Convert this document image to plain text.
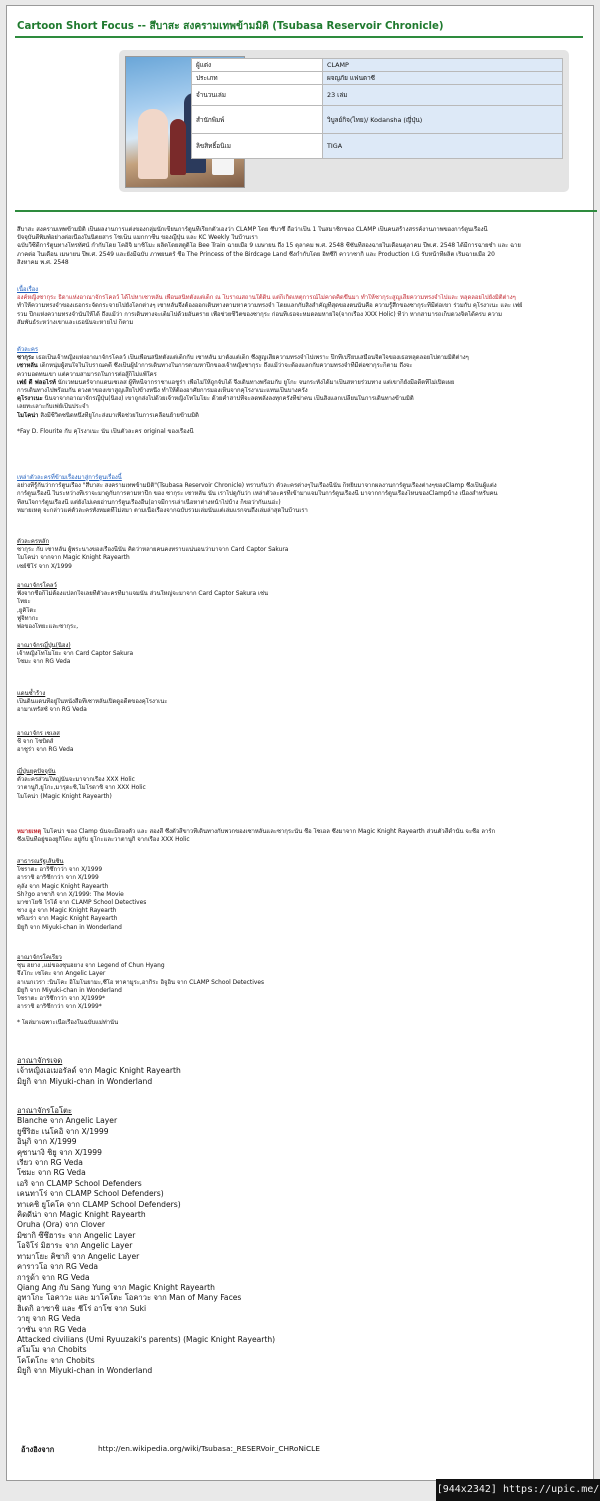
Cartoon Short Focus -- สึบาสะ สงครามเทพข้ามมิติ (Tsubasa Reservoir Chronicle)
ผู้แต่ง	CLAMP
ประเภท	ผจญภัย แฟนตาซี
จำนวนเล่ม	23 เล่ม
สำนักพิมพ์	วิบูลย์กิจ(ไทย)/ Kodansha (ญี่ปุ่น)
ลิขสิทธิ์อนิเม	TIGA
สึบาสะ สงครามเทพข้ามมิติ เป็นผลงานการแต่งของกลุ่มนักเขียนการ์ตูนที่เรียกตัวเองว่า CLAMP โดย ซึบาซึ ถือว่าเป็น 1 ในสมาชิกของ CLAMP เป็นคนสร้างสรรค์งานภาพของการ์ตูนเรื่องนี้
ปัจจุบันตีพิมพ์อย่างต่อเนื่องในนิตยสาร โชเน็น แมกกาซีน ของญี่ปุ่น และ KC Weekly ในบ้านเรา
ฉบับวีซีดีการ์ตูนทางโทรทัศน์ กำกับโดย โคอิจิ มาชิโมะ ผลิตโดยสตูดิโอ Bee Train ฉายเมื่อ 9 เมษายน ถึง 15 ตุลาคม พ.ศ. 2548 ซีซั่นที่สองฉายในเดือนตุลาคม ปีพ.ศ. 2548 ได้มีการฉายซ้ำ และ ฉาย
ภาคต่อ ในเดือน เมษายน ปีพ.ศ. 2549 และยังมีฉบับ ภาพยนตร์ ชื่อ The Princess of the Birdcage Land ซึ่งกำกับโดย อิทซึกิ คาวาซากิ และ Production I.G รับหน้าที่ผลิต เริ่มฉายเมื่อ 20
สิงหาคม พ.ศ. 2548
เนื้อเรื่อง
องค์หญิงซากุระ ธิดาแห่งอาณาจักรโคลว์ ได้ไปหาเซาหลัน เพื่อนสนิทตั้งแต่เด็ก ณ โบราณสถานใต้ดิน แต่ก็เกิดเหตุการณ์ไม่คาดคิดขึ้นมา ทำให้ซากุระสูญเสียความทรงจำไปและ หลุดลอยไปยังมิติต่างๆ
ทำให้ความทรงจำของเธอกระจัดกระจายไปยังโลกต่างๆ เซาหลันจึงต้องออกเดินทางตามหาความทรงจำ โดยแลกกับสิ่งสำคัญที่สุดของตนนั่นคือ ความรู้สึกของซากุระที่มีต่อเขา ร่วมกับ คุโรงาเนะ และ เฟย์
รวม ปีกแห่งความทรงจำนั้นให้ได้ ถึงแม้ว่า การเดินทางจะเต็มไปด้วยอันตราย เพื่อช่วยชีวิตของซากุระ ก่อนที่เธอจะหมดลมหายใจ(จากเรื่อง XXX Holic) ที่ว่า หากสามารถเก็บดวงจิตได้ครบ ความ
สัมพันธ์ระหว่างเขาและเธอนั้นจะหายไป ก็ตาม
ตัวละคร
ซากุระ เธอเป็นเจ้าหญิงแห่งอาณาจักรโคลว์ เป็นเพื่อนสนิทตั้งแต่เด็กกับ เซาหลัน มาตั้งแต่เด็ก ซึ่งสูญเสียความทรงจำไปเพราะ ปีกที่เปรียบเสมือนจิตใจของเธอหลุดลอยไปตามมิติต่างๆ
เซาหลัน เด็กหนุ่มผู้สนใจในโบราณคดี ซึ่งเป็นผู้นำการเดินทางในการตามหาปีกของเจ้าหญิงซากุระ ถึงแม้ว่าจะต้องแลกกับความทรงจำที่มีต่อซากุระก็ตาม ถึงจะ
ความอดทนเขา แต่ความสามารถในการต่อสู้ก็ไม่แพ้ใคร
เฟย์ ดี ฟลอไรท์ นักเวทมนตร์จากแดนเซเลส ผู้ที่หนีจากราชาแอชูร่า เพื่อไม่ให้ถูกจับได้ จึงเดินทางพร้อมกับ ยูโกะ จนกระทั่งได้มาเป็นสหายร่วมทาง แต่เขาก็ยังมีอดีตที่ไม่เปิดเผย
การเดินทางไปพร้อมกัน ดวงตาของเขาสูญเสียไปข้างหนึ่ง ทำให้ต้องอาศัยการมองเห็นจากคุโรงาเนะแทนเป็นบางครั้ง
คุโรงาเนะ นินจาจากอาณาจักรญี่ปุ่น(นิฮง) เขาถูกส่งไปด้วยเจ้าหญิงโทโมโยะ ด้วยคำสาปที่จะลดพลังลงทุกครั้งที่ฆ่าคน เป็นสิ่งแลกเปลี่ยนในการเดินทางข้ามมิติ
เลยทะเลาะกับเฟย์เป็นประจำ
โมโคน่า สิ่งมีชีวิตชนิดหนึ่งที่ยูโกะส่งมาเพื่อช่วยในการเคลื่อนย้ายข้ามมิติ
*Fay D. Flourite กับ คุโรงาเนะ นั้น เป็นตัวละคร original ของเรื่องนี้
เหล่าตัวละครที่ข้ามเรื่องมาสู่การ์ตูนเรื่องนี้
อย่างที่รู้กันว่าการ์ตูนเรื่อง "สึบาสะ สงครามเทพข้ามมิติ"(Tsubasa Reservoir Chronicle) ทราบกันว่า ตัวละครต่างๆในเรื่องนี้นั้น ก็หยิบมาจากผลงานการ์ตูนเรื่องต่างๆของClamp ซึ่งเป็นผู้แต่ง
การ์ตูนเรื่องนี้ ในระหว่างที่เราจะมาดูกับการตามหาปีก ของ ซากุระ เซาหลัน นั้น เราไปดูกันว่า เหล่าตัวละครที่เข้ามาแจมในการ์ตูนเรื่องนี้ มาจากการ์ตูนเรื่องไหนของClampบ้าง เนื่องสำหรับคน
ที่สนใจการ์ตูนเรื่องนี้ แต่ยังไม่เคยอ่านการ์ตูนเรื่องอื่น(อาจมีการเล่าเนื้อหาต่างหน้าไปบ้าง ก็ขอว่ากันเนอ่ะ)
หมายเหตุ จะกล่าวแค่ตัวละครทั้งหมดที่ไม่สมา ตามเนื้อเรื่องจากฉบับรวมเล่มนั้นแต่เล่มแรกจนถึงเล่มล่าสุดในบ้านเรา
ตัวละครหลัก
ซากุระ กับ เซาหลัน ผู้พระนางของเรื่องนี้นั้น คิดว่าหลายคนคงทราบแน่นอนว่ามาจาก Card Captor Sakura
โมโคน่า จากจาก Magic Knight Rayearth
เซย์ชิโร่ จาก X/1999
อาณาจักรโคลว์
ฟังจากชื่อก็ไม่ต้องแปลกใจเลยที่ตัวละครที่มาแจมนั้น ส่วนใหญ่จะมาจาก Card Captor Sakura เช่น
โทยะ
,ยูคิโตะ
ฟูจิทากะ
พ่อของโทยะและซากุระ,
อาณาจักรญี่ปุ่น(นิฮง)
เจ้าหญิงโทโมโยะ จาก Card Captor Sakura
โซมะ จาก RG Veda
แดนซ้ำร้าง
เป็นดินแดนที่อยู่ในหนังสือที่เซาหลันเปิดดูอดีตของคุโรงาเนะ
อามาเทรัสซ์ จาก RG Veda
อาณาจักร เซเลส
ชี จาก โชบิตส์
อาชูร่า จาก RG Veda
ญี่ปุ่นยุคปัจจุบัน
ตัวละครส่วนใหญ่นั้นจะมาจากเรื่อง XXX Holic
วาตานูกิ,ยูโกะ,มารุดะชิ,โมโรดาชิ จาก XXX Holic
โมโคน่า (Magic Knight Rayearth)
หมายเหตุ โมโคน่า ของ Clamp นั้นจะมีสองตัว และ สองสี ซึ่งตัวสีขาวที่เดินทางกับพวกของเซาหลันและซากุระนั้น ชื่อ โซเอล ซึ่งมาจาก Magic Knight Rayearth ส่วนตัวสีดำนั้น จะชื่อ ลาร์ก
ซึ่งเป็นที่อยู่ของยูกิโดะ อยู่กับ ยูโกะและวาตานูกิ จากเรื่อง XXX Holic
สาธารณรัฐเส้นซิน
โซราตะ อาริซึกาว่า จาก X/1999
อาราชิ อาริซึกาว่า จาก X/1999
คุลัง จาก Magic Knight Rayearth
Sh?go อาซากิ จาก X/1999: The Movie
มาซาโยชิ โรโด้ จาก CLAMP School Detectives
ซาง อูง จาก Magic Knight Rayearth
พรีเมร่า จาก Magic Knight Rayearth
มิยูกิ จาก Miyuki-chan in Wonderland
อาณาจักรโคเรียว
ชุน ฮยาง ,แม่ของชุนฮยาง จาก Legend of Chun Hyang
จึงโกะ เซโตะ จาก Angelic Layer
อาเนกเวรา :นินโคะ อิโมโนยามะ,ซึโอ ทาคามูระ,อากิระ อิจูอิน จาก CLAMP School Detectives
มิยูกิ จาก Miyuki-chan in Wonderland
โซราตะ อาริซึกาว่า จาก X/1999*
อาราชิ อาริซึกาว่า จาก X/1999*
* โผล่มาเฉพาะเนื้อเรื่องในฉบับแม่ท่านั้น
อาณาจักรเจด
เจ้าหญิงเอเมอรัลด์ จาก Magic Knight Rayearth
มิยูกิ จาก Miyuki-chan in Wonderland
อาณาจักรโอโตะ
Blanche จาก Angelic Layer
ยูซึริฮะ เนโคอิ จาก X/1999
อินุกิ จาก X/1999
คุซานางิ ชิยู จาก X/1999
เรียว จาก RG Veda
โซมะ จาก RG Veda
เอริ จาก CLAMP School Defenders
เคนทาโร่ จาก CLAMP School Defenders)
ทาเคชิ ยูโคโค จาก CLAMP School Defenders)
คิดดีน่า จาก Magic Knight Rayearth
Oruha (Ora) จาก Clover
มิซากิ ซึซึฮาระ จาก Angelic Layer
โอจิโร่ มิฮาระ จาก Angelic Layer
ทามาโยะ คิซากิ จาก Angelic Layer
คาราวโอ จาก RG Veda
การูด้า จาก RG Veda
Qiang Ang กับ Sang Yung จาก Magic Knight Rayearth
อุทาโกะ โอคาวะ และ มาโคโตะ โอคาวะ จาก Man of Many Faces
ฮิเดกิ อาซาชิ และ ชีโร่ อาโซ จาก Suki
วายุ จาก RG Veda
วาซัน จาก RG Veda
Attacked civilians (Umi Ryuuzaki's parents) (Magic Knight Rayearth)
สโมโม จาก Chobits
โคโตโกะ จาก Chobits
มิยูกิ จาก Miyuki-chan in Wonderland
อ้างอิงจาก	http://en.wikipedia.org/wiki/Tsubasa:_RESERVoir_CHRoNiCLE
[944x2342] https://upic.me/
